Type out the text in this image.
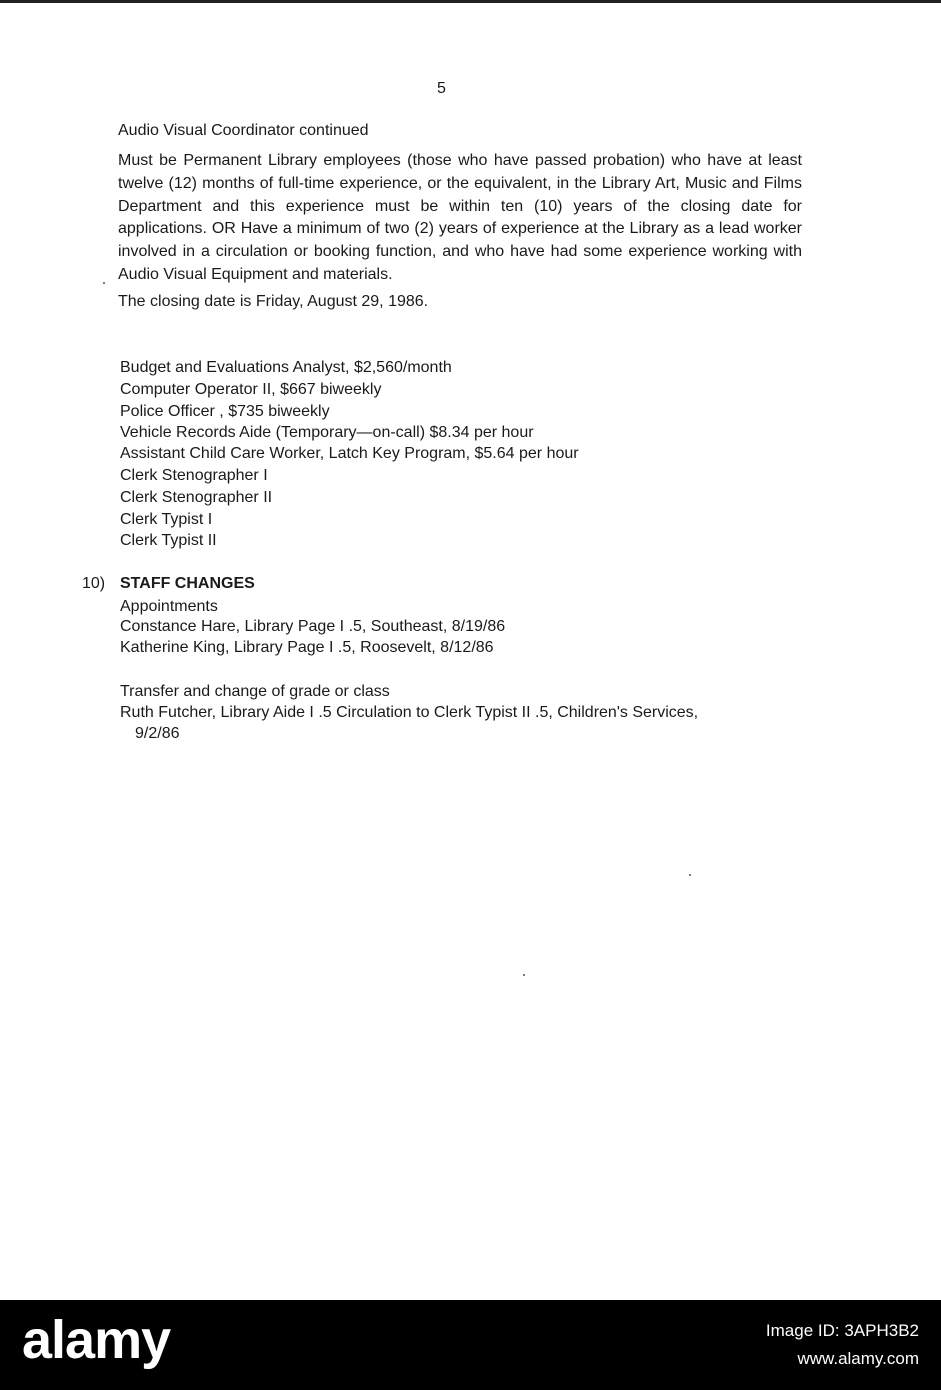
5
Audio Visual Coordinator continued
Must be Permanent Library employees (those who have passed probation) who have at least twelve (12) months of full-time experience, or the equivalent, in the Library Art, Music and Films Department and this experience must be within ten (10) years of the closing date for applications. OR Have a minimum of two (2) years of experience at the Library as a lead worker involved in a circulation or booking function, and who have had some experience working with Audio Visual Equipment and materials.
The closing date is Friday, August 29, 1986.
Budget and Evaluations Analyst, $2,560/month
Computer Operator II, $667 biweekly
Police Officer , $735 biweekly
Vehicle Records Aide (Temporary—on-call) $8.34 per hour
Assistant Child Care Worker, Latch Key Program, $5.64 per hour
Clerk Stenographer I
Clerk Stenographer II
Clerk Typist I
Clerk Typist II
10) STAFF CHANGES
Appointments
Constance Hare, Library Page I .5, Southeast, 8/19/86
Katherine King, Library Page I .5, Roosevelt, 8/12/86
Transfer and change of grade or class
Ruth Futcher, Library Aide I .5 Circulation to Clerk Typist II .5, Children's Services,
9/2/86
alamy	Image ID: 3APH3B2
www.alamy.com
